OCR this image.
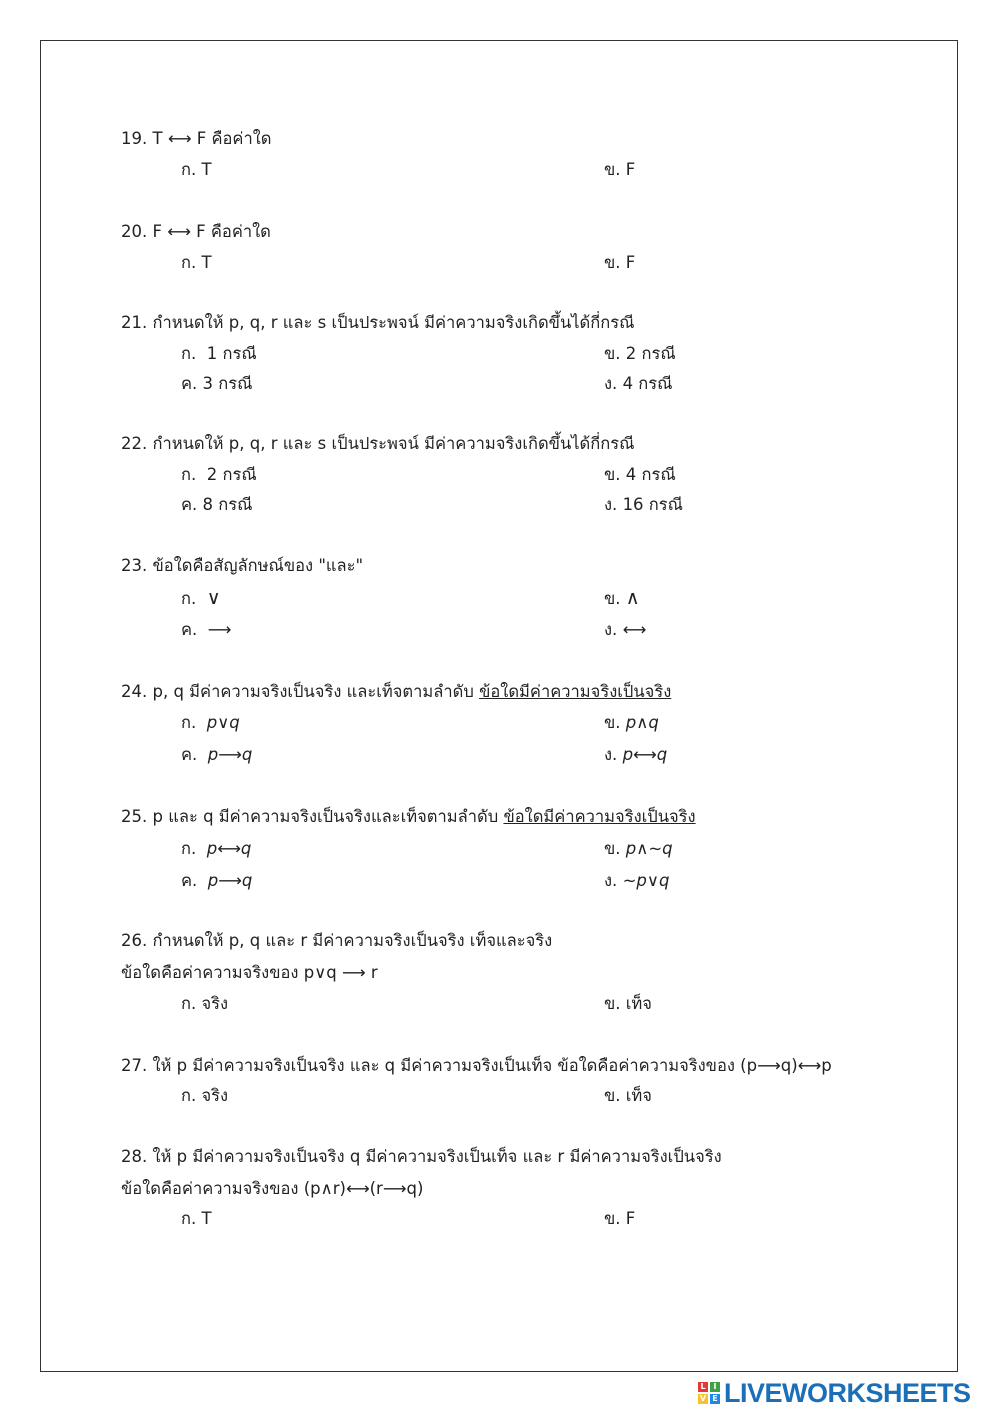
19. T ⟷ F คือค่าใด
ก. T	ข. F
20. F ⟷ F คือค่าใด
ก. T	ข. F
21. กำหนดให้ p, q, r และ s เป็นประพจน์ มีค่าความจริงเกิดขึ้นได้กี่กรณี
ก. 1 กรณี	ข. 2 กรณี
ค. 3 กรณี	ง. 4 กรณี
22. กำหนดให้ p, q, r และ s เป็นประพจน์ มีค่าความจริงเกิดขึ้นได้กี่กรณี
ก. 2 กรณี	ข. 4 กรณี
ค. 8 กรณี	ง. 16 กรณี
23. ข้อใดคือสัญลักษณ์ของ "และ"
ก. ∨	ข. ∧
ค. ⟶	ง. ⟷
24. p, q มีค่าความจริงเป็นจริง และเท็จตามลำดับ ข้อใดมีค่าความจริงเป็นจริง
ก. p∨q	ข. p∧q
ค. p⟶q	ง. p⟷q
25. p และ q มีค่าความจริงเป็นจริงและเท็จตามลำดับ ข้อใดมีค่าความจริงเป็นจริง
ก. p⟷q	ข. p∧∼q
ค. p⟶q	ง. ∼p∨q
26. กำหนดให้ p, q และ r มีค่าความจริงเป็นจริง เท็จและจริง
ข้อใดคือค่าความจริงของ p∨q ⟶ r
ก. จริง	ข. เท็จ
27. ให้ p มีค่าความจริงเป็นจริง และ q มีค่าความจริงเป็นเท็จ ข้อใดคือค่าความจริงของ (p⟶q)⟷p
ก. จริง	ข. เท็จ
28. ให้ p มีค่าความจริงเป็นจริง q มีค่าความจริงเป็นเท็จ และ r มีค่าความจริงเป็นจริง
ข้อใดคือค่าความจริงของ (p∧r)⟷(r⟶q)
ก. T	ข. F
L I
V E LIVEWORKSHEETS
